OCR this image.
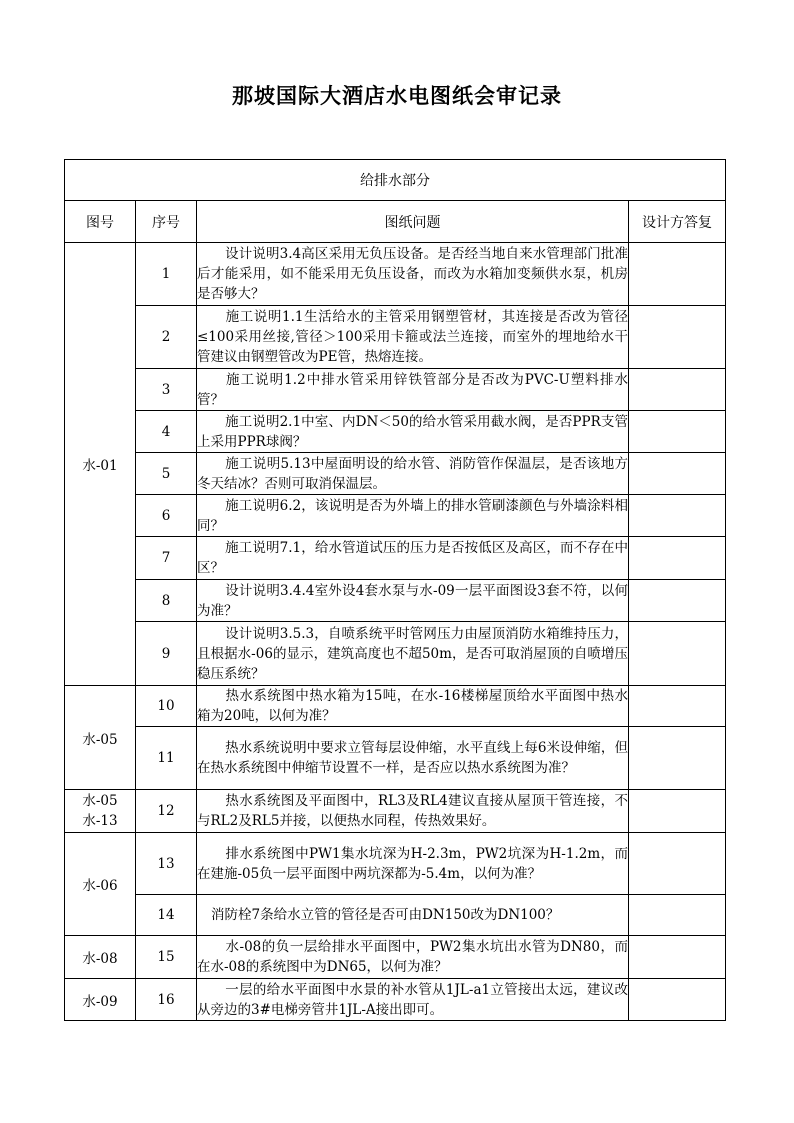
那坡国际大酒店水电图纸会审记录
给排水部分			
图号	序号	图纸问题	设计方答复
水-01	1	设计说明3.4高区采用无负压设备。是否经当地自来水管理部门批准后才能采用，如不能采用无负压设备，而改为水箱加变频供水泵，机房是否够大？	
	2	施工说明1.1生活给水的主管采用钢塑管材，其连接是否改为管径≤100采用丝接,管径＞100采用卡箍或法兰连接，而室外的埋地给水干管建议由钢塑管改为PE管，热熔连接。	
	3	施工说明1.2中排水管采用锌铁管部分是否改为PVC-U塑料排水管？	
	4	施工说明2.1中室、内DN＜50的给水管采用截水阀，是否PPR支管上采用PPR球阀？	
	5	施工说明5.13中屋面明设的给水管、消防管作保温层，是否该地方冬天结冰？否则可取消保温层。	
	6	施工说明6.2，该说明是否为外墙上的排水管刷漆颜色与外墙涂料相同？	
	7	施工说明7.1，给水管道试压的压力是否按低区及高区，而不存在中区？	
	8	设计说明3.4.4室外设4套水泵与水-09一层平面图设3套不符，以何为准？	
	9	设计说明3.5.3，自喷系统平时管网压力由屋顶消防水箱维持压力，且根据水-06的显示，建筑高度也不超50m，是否可取消屋顶的自喷增压稳压系统？	
水-05	10	热水系统图中热水箱为15吨，在水-16楼梯屋顶给水平面图中热水箱为20吨，以何为准？	
	11	热水系统说明中要求立管每层设伸缩，水平直线上每6米设伸缩，但在热水系统图中伸缩节设置不一样，是否应以热水系统图为准？	

水-05
水-13	12	热水系统图及平面图中，RL3及RL4建议直接从屋顶干管连接，不与RL2及RL5并接，以便热水同程，传热效果好。	
水-06	13	排水系统图中PW1集水坑深为H-2.3m，PW2坑深为H-1.2m，而在建施-05负一层平面图中两坑深都为-5.4m，以何为准？	
	14	消防栓7条给水立管的管径是否可由DN150改为DN100？	
水-08	15	水-08的负一层给排水平面图中，PW2集水坑出水管为DN80，而在水-08的系统图中为DN65，以何为准？	
水-09	16	一层的给水平面图中水景的补水管从1JL-a1立管接出太远，建议改从旁边的3#电梯旁管井1JL-A接出即可。	
